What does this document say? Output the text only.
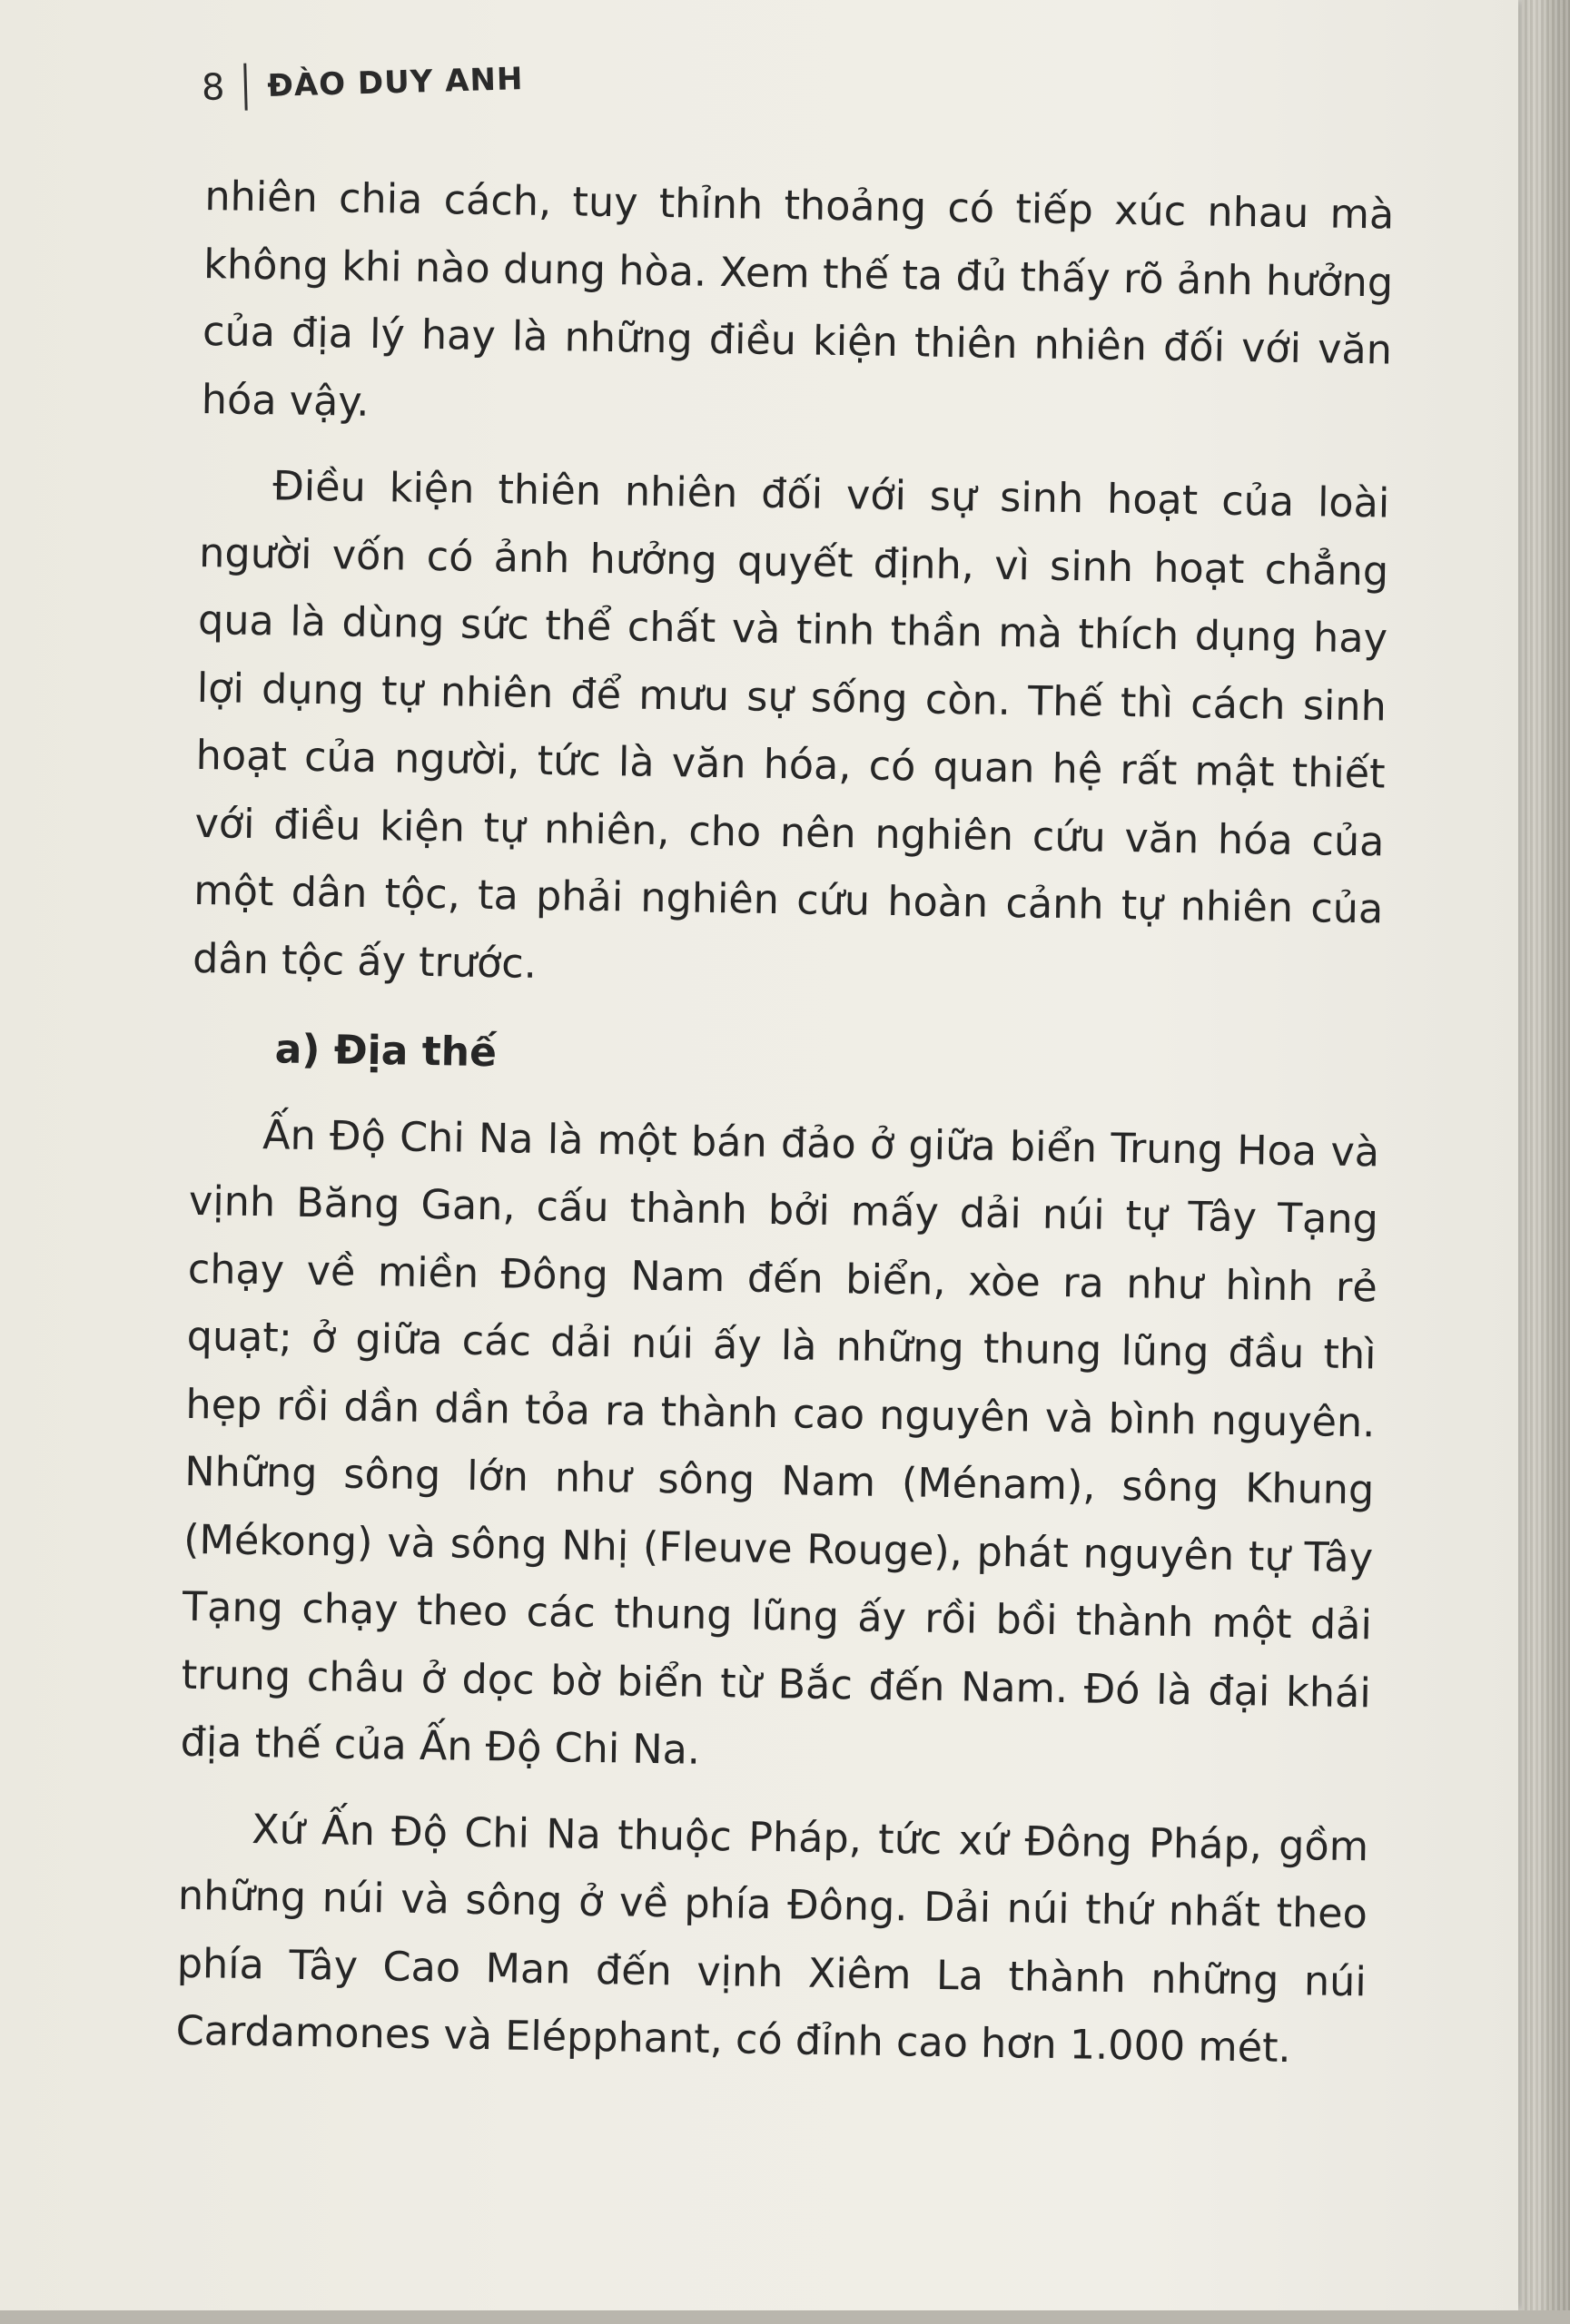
8 ĐÀO DUY ANH

nhiên chia cách, tuy thỉnh thoảng có tiếp xúc nhau mà không khi nào dung hòa. Xem thế ta đủ thấy rõ ảnh hưởng của địa lý hay là những điều kiện thiên nhiên đối với văn hóa vậy.

Điều kiện thiên nhiên đối với sự sinh hoạt của loài người vốn có ảnh hưởng quyết định, vì sinh hoạt chẳng qua là dùng sức thể chất và tinh thần mà thích dụng hay lợi dụng tự nhiên để mưu sự sống còn. Thế thì cách sinh hoạt của người, tức là văn hóa, có quan hệ rất mật thiết với điều kiện tự nhiên, cho nên nghiên cứu văn hóa của một dân tộc, ta phải nghiên cứu hoàn cảnh tự nhiên của dân tộc ấy trước.

a) Địa thế

Ấn Độ Chi Na là một bán đảo ở giữa biển Trung Hoa và vịnh Băng Gan, cấu thành bởi mấy dải núi tự Tây Tạng chạy về miền Đông Nam đến biển, xòe ra như hình rẻ quạt; ở giữa các dải núi ấy là những thung lũng đầu thì hẹp rồi dần dần tỏa ra thành cao nguyên và bình nguyên. Những sông lớn như sông Nam (Ménam), sông Khung (Mékong) và sông Nhị (Fleuve Rouge), phát nguyên tự Tây Tạng chạy theo các thung lũng ấy rồi bồi thành một dải trung châu ở dọc bờ biển từ Bắc đến Nam. Đó là đại khái địa thế của Ấn Độ Chi Na.

Xứ Ấn Độ Chi Na thuộc Pháp, tức xứ Đông Pháp, gồm những núi và sông ở về phía Đông. Dải núi thứ nhất theo phía Tây Cao Man đến vịnh Xiêm La thành những núi Cardamones và Elépphant, có đỉnh cao hơn 1.000 mét.
